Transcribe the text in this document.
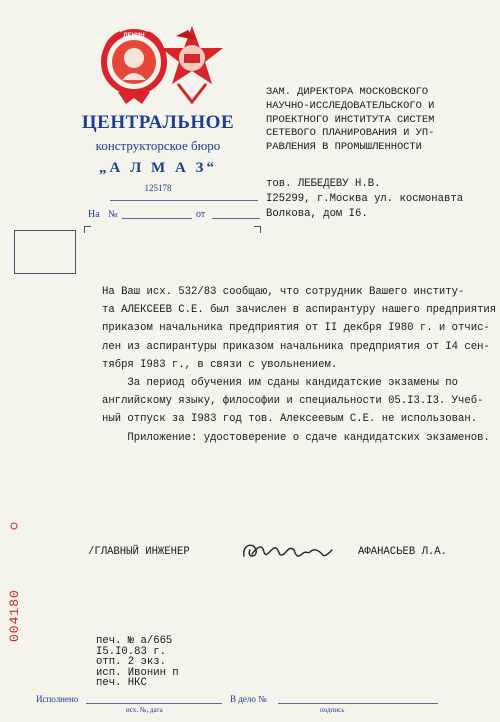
ЛЕНИН
ЦЕНТРАЛЬНОЕ
конструкторское бюро
„А Л М А З“
125178
На №	от
ЗАМ. ДИРЕКТОРА МОСКОВСКОГО
НАУЧНО-ИССЛЕДОВАТЕЛЬСКОГО И
ПРОЕКТНОГО ИНСТИТУТА СИСТЕМ
СЕТЕВОГО ПЛАНИРОВАНИЯ И УП-
РАВЛЕНИЯ В ПРОМЫШЛЕННОСТИ
тов. ЛЕБЕДЕВУ Н.В.
I25299, г.Москва ул. космонавта
Волкова, дом I6.
На Ваш исх. 532/83 сообщаю, что сотрудник Вашего институ-
та АЛЕКСЕЕВ С.Е. был зачислен в аспирантуру нашего предприятия
приказом начальника предприятия от II декбря I980 г. и отчис-
лен из аспирантуры приказом начальника предприятия от I4 сен-
тября I983 г., в связи с увольнением.
За период обучения им сданы кандидатские экзамены по
английскому языку, философии и специальности 05.I3.I3. Учеб-
ный отпуск за I983 год тов. Алексеевым С.Е. не использован.
Приложение: удостоверение о сдаче кандидатских экзаменов.
/ГЛАВНЫЙ ИНЖЕНЕР	АФАНАСЬЕВ Л.А.
печ. № а/665
I5.I0.83 г.
отп. 2 экз.
исп. Ивонин п
печ. НКС
Исполнено
исх. №, дата
В дело №
подпись
004180
